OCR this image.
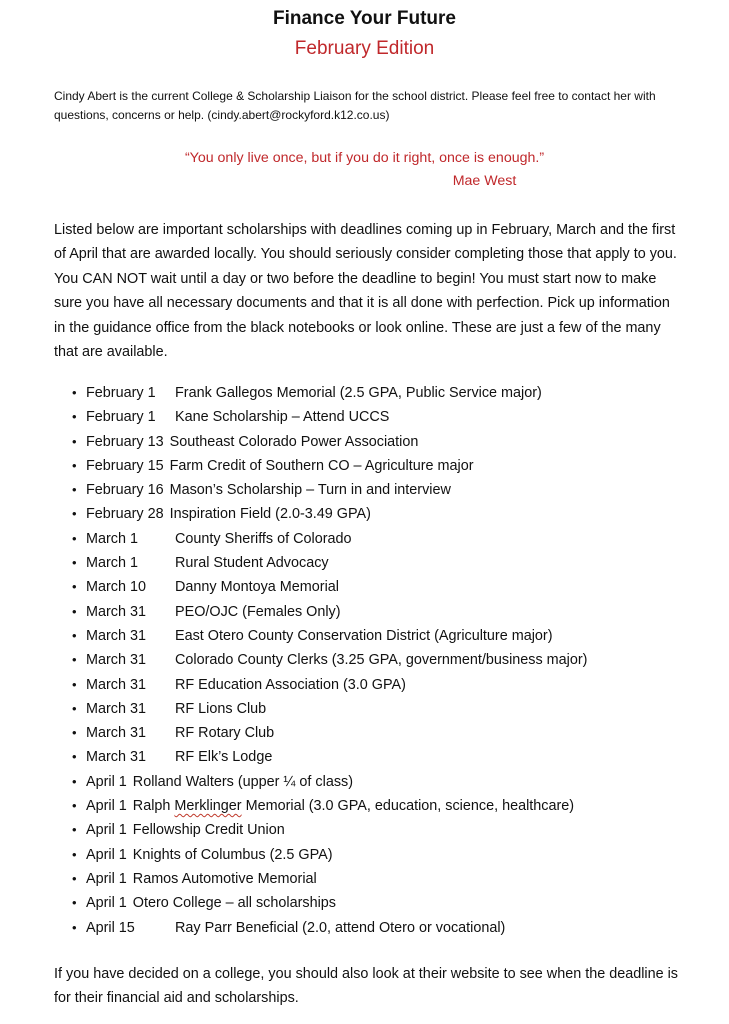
Finance Your Future
February Edition

Cindy Abert is the current College & Scholarship Liaison for the school district. Please feel free to contact her with questions, concerns or help. (cindy.abert@rockyford.k12.co.us)

“You only live once, but if you do it right, once is enough.”
Mae West

Listed below are important scholarships with deadlines coming up in February, March and the first of April that are awarded locally. You should seriously consider completing those that apply to you. You CAN NOT wait until a day or two before the deadline to begin! You must start now to make sure you have all necessary documents and that it is all done with perfection. Pick up information in the guidance office from the black notebooks or look online. These are just a few of the many that are available.

• February 1	Frank Gallegos Memorial (2.5 GPA, Public Service major)
• February 1	Kane Scholarship – Attend UCCS
• February 13 Southeast Colorado Power Association
• February 15 Farm Credit of Southern CO – Agriculture major
• February 16 Mason’s Scholarship – Turn in and interview
• February 28 Inspiration Field (2.0-3.49 GPA)
• March 1	County Sheriffs of Colorado
• March 1	Rural Student Advocacy
• March 10	Danny Montoya Memorial
• March 31	PEO/OJC (Females Only)
• March 31	East Otero County Conservation District (Agriculture major)
• March 31	Colorado County Clerks (3.25 GPA, government/business major)
• March 31	RF Education Association (3.0 GPA)
• March 31	RF Lions Club
• March 31	RF Rotary Club
• March 31	RF Elk’s Lodge
• April 1 Rolland Walters (upper ¼ of class)
• April 1 Ralph Merklinger Memorial (3.0 GPA, education, science, healthcare)
• April 1 Fellowship Credit Union
• April 1 Knights of Columbus (2.5 GPA)
• April 1 Ramos Automotive Memorial
• April 1 Otero College – all scholarships
• April 15	Ray Parr Beneficial (2.0, attend Otero or vocational)

If you have decided on a college, you should also look at their website to see when the deadline is for their financial aid and scholarships.
